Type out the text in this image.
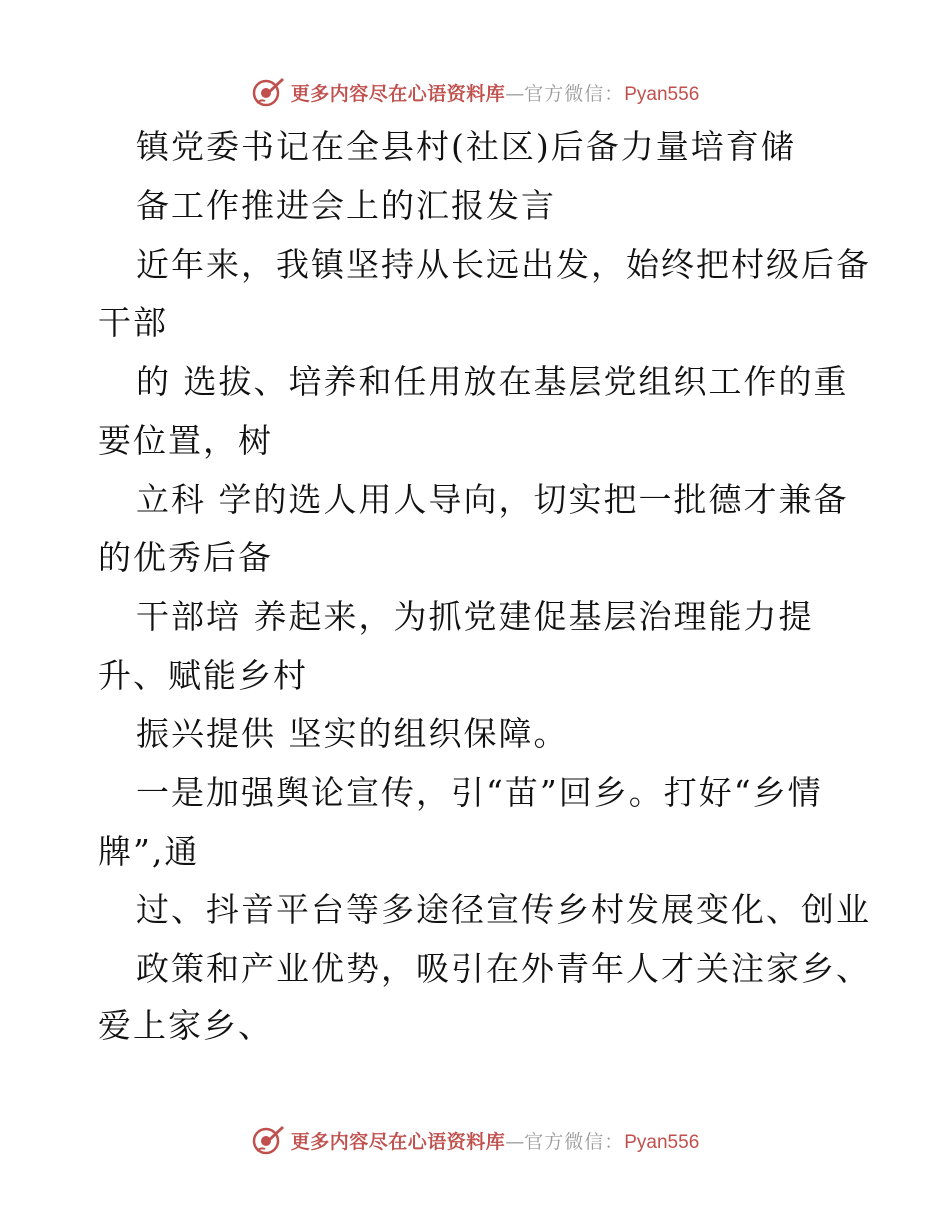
更多内容尽在心语资料库 — 官方微信： Pyan556
镇党委书记在全县村(社区)后备力量培育储
备工作推进会上的汇报发言
近年来，我镇坚持从长远出发，始终把村级后备
干部
的 选拔、培养和任用放在基层党组织工作的重
要位置，树
立科 学的选人用人导向，切实把一批德才兼备
的优秀后备
干部培 养起来，为抓党建促基层治理能力提
升、赋能乡村
振兴提供 坚实的组织保障。
一是加强舆论宣传，引“苗”回乡。打好“乡情
牌”,通
过、抖音平台等多途径宣传乡村发展变化、创业
政策和产业优势，吸引在外青年人才关注家乡、
爱上家乡、
更多内容尽在心语资料库 — 官方微信： Pyan556
